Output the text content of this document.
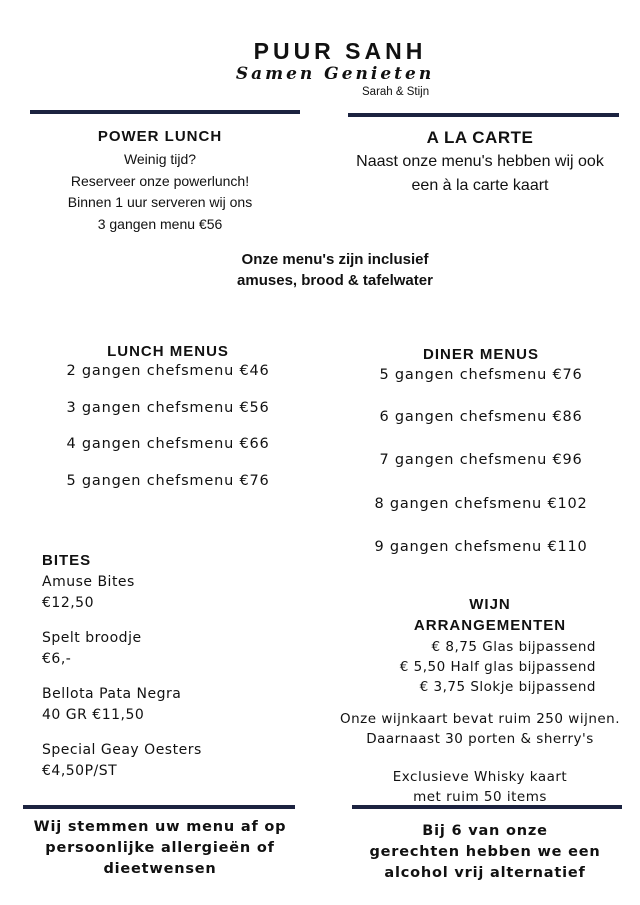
PUUR SANH
Samen Genieten
Sarah & Stijn
POWER LUNCH
Weinig tijd?
Reserveer onze powerlunch!
Binnen 1 uur serveren wij ons
3 gangen menu €56
A LA CARTE
Naast onze menu's hebben wij ook
een à la carte kaart
Onze menu's zijn inclusief
amuses, brood & tafelwater
LUNCH MENUS
2 gangen chefsmenu €46
3 gangen chefsmenu €56
4 gangen chefsmenu €66
5 gangen chefsmenu €76
DINER MENUS
5 gangen chefsmenu €76
6 gangen chefsmenu €86
7 gangen chefsmenu €96
8 gangen chefsmenu €102
9 gangen chefsmenu €110
BITES
Amuse Bites
€12,50
Spelt broodje
€6,-
Bellota Pata Negra
40 GR €11,50
Special Geay Oesters
€4,50P/ST
WIJN
ARRANGEMENTEN
€ 8,75 Glas bijpassend
€ 5,50 Half glas bijpassend
€ 3,75 Slokje bijpassend
Onze wijnkaart bevat ruim 250 wijnen.
Daarnaast 30 porten & sherry's
Exclusieve Whisky kaart
met ruim 50 items
Wij stemmen uw menu af op
persoonlijke allergieën of
dieetwensen
Bij 6 van onze
gerechten hebben we een
alcohol vrij alternatief
